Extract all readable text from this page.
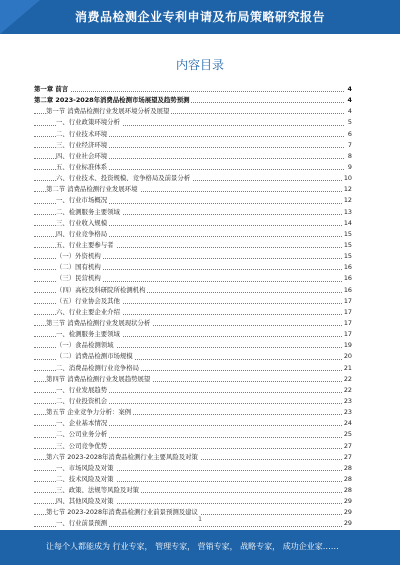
消费品检测企业专利申请及布局策略研究报告
内容目录
第一章 前言	4
第二章 2023-2028年消费品检测市场展望及趋势预测	4
第一节 消费品检测行业发展环境分析及展望	4
一、行业政策环境分析	5
二、行业技术环境	6
三、行业经济环境	7
四、行业社会环境	8
五、行业标准体系	9
六、行业技术、投资规模、竞争格局及前景分析	10
第二节 消费品检测行业发展环境	12
一、行业市场概况	12
二、检测服务主要领域	13
三、行业收入规模	14
四、行业竞争格局	15
五、行业主要参与者	15
（一）外资机构	15
（二）国有机构	16
（三）民营机构	16
（四）高校及科研院所检测机构	16
（五）行业协会及其他	17
六、行业主要企业介绍	17
第三节 消费品检测行业发展现状分析	17
一、检测服务主要领域	17
（一）食品检测领域	19
（二）消费品检测市场规模	20
二、消费品检测行业竞争格局	21
第四节 消费品检测行业发展趋势展望	22
一、行业发展趋势	22
二、行业投资机会	23
第五节 企业竞争力分析：案例	23
一、企业基本情况	24
二、公司业务分析	25
三、公司竞争优势	27
第六节 2023-2028年消费品检测行业主要风险及对策	27
一、市场风险及对策	28
二、技术风险及对策	28
三、政策、法规等风险及对策	28
四、其他风险及对策	29
第七节 2023-2028年消费品检测行业前景预测及建议	29
一、行业前景预测	29
1
让每个人都能成为 行业专家， 管理专家， 营销专家， 战略专家， 成功企业家……
